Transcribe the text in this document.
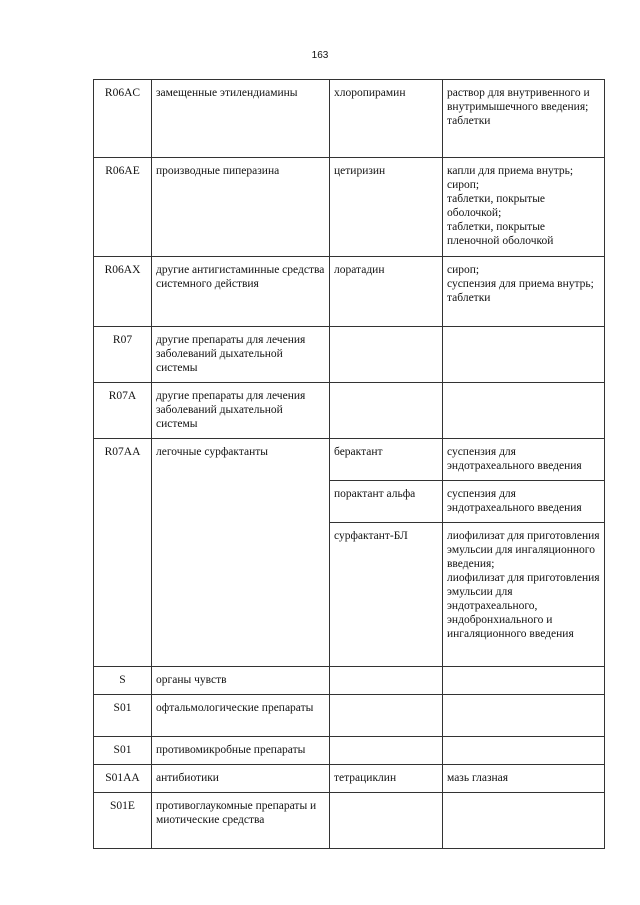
163
R06AC	замещенные этилендиамины	хлоропирамин	раствор для внутривенного и внутримышечного введения;
таблетки
R06AE	производные пиперазина	цетиризин	капли для приема внутрь;
сироп;
таблетки, покрытые оболочкой;
таблетки, покрытые пленочной оболочкой
R06AX	другие антигистаминные средства системного действия	лоратадин	сироп;
суспензия для приема внутрь;
таблетки
R07	другие препараты для лечения заболеваний дыхательной системы		
R07A	другие препараты для лечения заболеваний дыхательной системы		
R07AA	легочные сурфактанты	берактант	суспензия для эндотрахеального введения
		порактант альфа	суспензия для эндотрахеального введения
		сурфактант-БЛ	лиофилизат для приготовления эмульсии для ингаляционного введения;
лиофилизат для приготовления эмульсии для эндотрахеального, эндобронхиального и ингаляционного введения
S	органы чувств		
S01	офтальмологические препараты		
S01	противомикробные препараты		
S01AA	антибиотики	тетрациклин	мазь глазная
S01E	противоглаукомные препараты и миотические средства		
